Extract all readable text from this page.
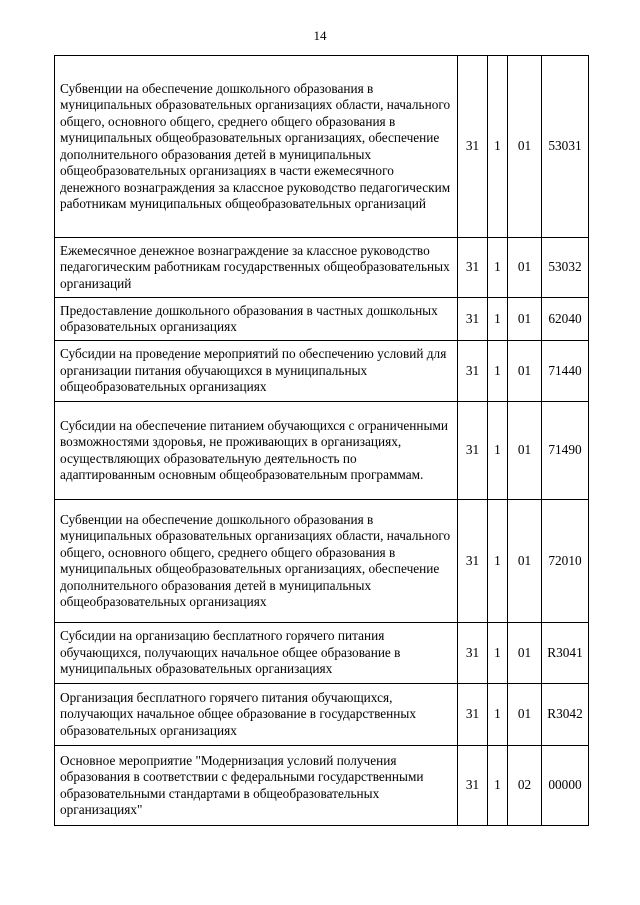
14
Субвенции на обеспечение дошкольного образования в муниципальных образовательных организациях области, начального общего, основного общего, среднего общего образования в муниципальных общеобразовательных организациях, обеспечение дополнительного образования детей в муниципальных общеобразовательных организациях в части ежемесячного денежного вознаграждения за классное руководство педагогическим работникам муниципальных общеобразовательных организаций	31	1	01	53031
Ежемесячное денежное вознаграждение за классное руководство педагогическим работникам государственных общеобразовательных организаций	31	1	01	53032
Предоставление дошкольного образования в частных дошкольных образовательных организациях	31	1	01	62040
Субсидии на проведение мероприятий по обеспечению условий для организации питания обучающихся в муниципальных общеобразовательных организациях	31	1	01	71440
Субсидии на обеспечение питанием обучающихся с ограниченными возможностями здоровья, не проживающих в организациях, осуществляющих образовательную деятельность по адаптированным основным общеобразовательным программам.	31	1	01	71490
Субвенции на обеспечение дошкольного образования в муниципальных образовательных организациях области, начального общего, основного общего, среднего общего образования в муниципальных общеобразовательных организациях, обеспечение дополнительного образования детей в муниципальных общеобразовательных организациях	31	1	01	72010
Субсидии на организацию бесплатного горячего питания обучающихся, получающих начальное общее образование в муниципальных образовательных организациях	31	1	01	R3041
Организация бесплатного горячего питания обучающихся, получающих начальное общее образование в государственных образовательных организациях	31	1	01	R3042
Основное мероприятие "Модернизация условий получения образования в соответствии с федеральными государственными образовательными стандартами в общеобразовательных организациях"	31	1	02	00000
